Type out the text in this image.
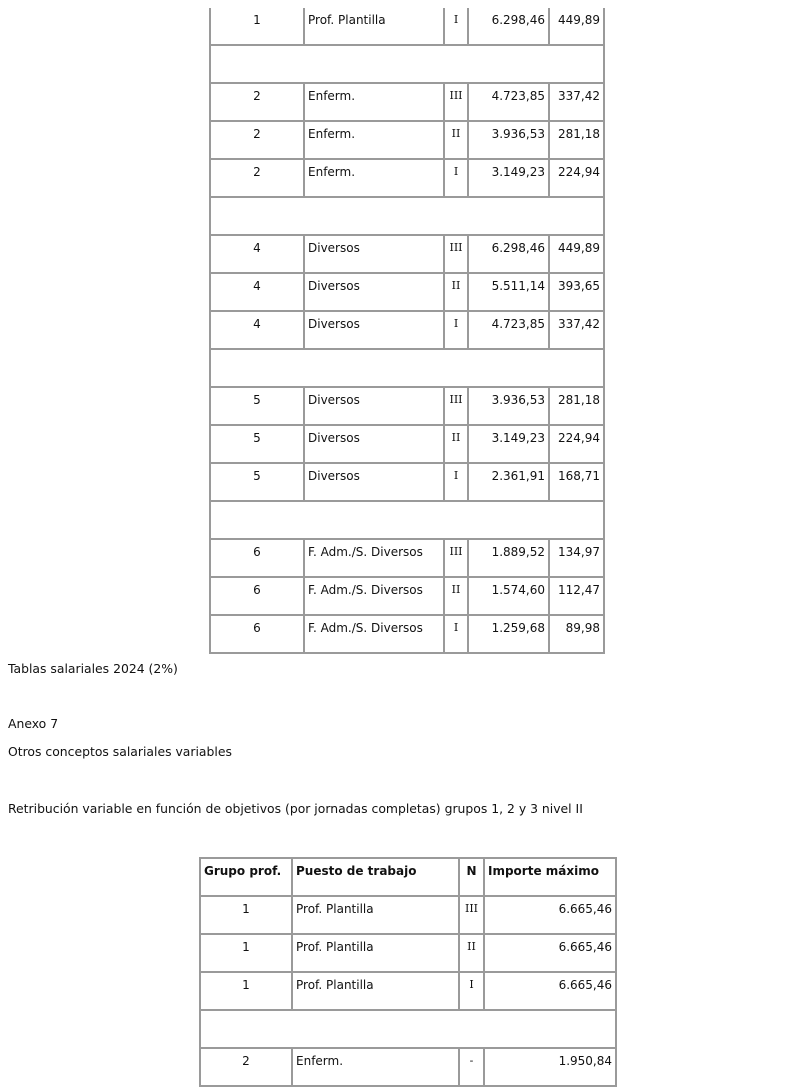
1	Prof. Plantilla	I	6.298,46	449,89

2	Enferm.	III	4.723,85	337,42
2	Enferm.	II	3.936,53	281,18
2	Enferm.	I	3.149,23	224,94

4	Diversos	III	6.298,46	449,89
4	Diversos	II	5.511,14	393,65
4	Diversos	I	4.723,85	337,42

5	Diversos	III	3.936,53	281,18
5	Diversos	II	3.149,23	224,94
5	Diversos	I	2.361,91	168,71

6	F. Adm./S. Diversos	III	1.889,52	134,97
6	F. Adm./S. Diversos	II	1.574,60	112,47
6	F. Adm./S. Diversos	I	1.259,68	89,98

Tablas salariales 2024 (2%)

Anexo 7

Otros conceptos salariales variables

Retribución variable en función de objetivos (por jornadas completas) grupos 1, 2 y 3 nivel II

Grupo prof.	Puesto de trabajo	N	Importe máximo
1	Prof. Plantilla	III	6.665,46
1	Prof. Plantilla	II	6.665,46
1	Prof. Plantilla	I	6.665,46

2	Enferm.	-	1.950,84
